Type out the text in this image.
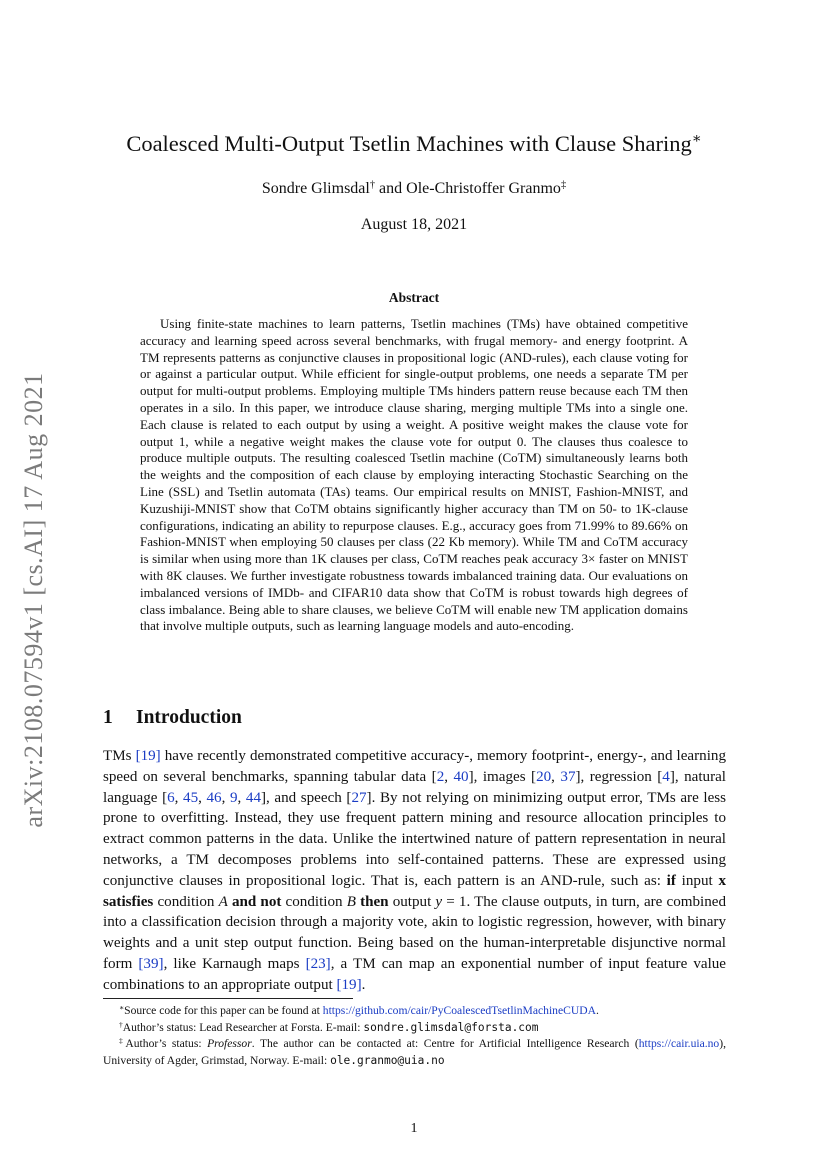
arXiv:2108.07594v1 [cs.AI] 17 Aug 2021
Coalesced Multi-Output Tsetlin Machines with Clause Sharing∗
Sondre Glimsdal† and Ole-Christoffer Granmo‡
August 18, 2021
Abstract
Using finite-state machines to learn patterns, Tsetlin machines (TMs) have obtained competitive accuracy and learning speed across several benchmarks, with frugal memory- and energy footprint. A TM represents patterns as conjunctive clauses in propositional logic (AND-rules), each clause voting for or against a particular output. While efficient for single-output problems, one needs a separate TM per output for multi-output problems. Employing multiple TMs hinders pattern reuse because each TM then operates in a silo. In this paper, we introduce clause sharing, merging multiple TMs into a single one. Each clause is related to each output by using a weight. A positive weight makes the clause vote for output 1, while a negative weight makes the clause vote for output 0. The clauses thus coalesce to produce multiple outputs. The resulting coalesced Tsetlin machine (CoTM) simultaneously learns both the weights and the composition of each clause by employing interacting Stochastic Searching on the Line (SSL) and Tsetlin automata (TAs) teams. Our empirical results on MNIST, Fashion-MNIST, and Kuzushiji-MNIST show that CoTM obtains significantly higher accuracy than TM on 50- to 1K-clause configurations, indicating an ability to repurpose clauses. E.g., accuracy goes from 71.99% to 89.66% on Fashion-MNIST when employing 50 clauses per class (22 Kb memory). While TM and CoTM accuracy is similar when using more than 1K clauses per class, CoTM reaches peak accuracy 3× faster on MNIST with 8K clauses. We further investigate robustness towards imbalanced training data. Our evaluations on imbalanced versions of IMDb- and CIFAR10 data show that CoTM is robust towards high degrees of class imbalance. Being able to share clauses, we believe CoTM will enable new TM application domains that involve multiple outputs, such as learning language models and auto-encoding.
1 Introduction
TMs [19] have recently demonstrated competitive accuracy-, memory footprint-, energy-, and learning speed on several benchmarks, spanning tabular data [2, 40], images [20, 37], regression [4], natural language [6, 45, 46, 9, 44], and speech [27]. By not relying on minimizing output error, TMs are less prone to overfitting. Instead, they use frequent pattern mining and resource allocation principles to extract common patterns in the data. Unlike the intertwined nature of pattern representation in neural networks, a TM decomposes problems into self-contained patterns. These are expressed using conjunctive clauses in propositional logic. That is, each pattern is an AND-rule, such as: if input x satisfies condition A and not condition B then output y = 1. The clause outputs, in turn, are combined into a classification decision through a majority vote, akin to logistic regression, however, with binary weights and a unit step output function. Being based on the human-interpretable disjunctive normal form [39], like Karnaugh maps [23], a TM can map an exponential number of input feature value combinations to an appropriate output [19].

∗Source code for this paper can be found at https://github.com/cair/PyCoalescedTsetlinMachineCUDA.

†Author’s status: Lead Researcher at Forsta. E-mail: sondre.glimsdal@forsta.com

‡Author’s status: Professor. The author can be contacted at: Centre for Artificial Intelligence Research (https://cair.uia.no), University of Agder, Grimstad, Norway. E-mail: ole.granmo@uia.no

1
